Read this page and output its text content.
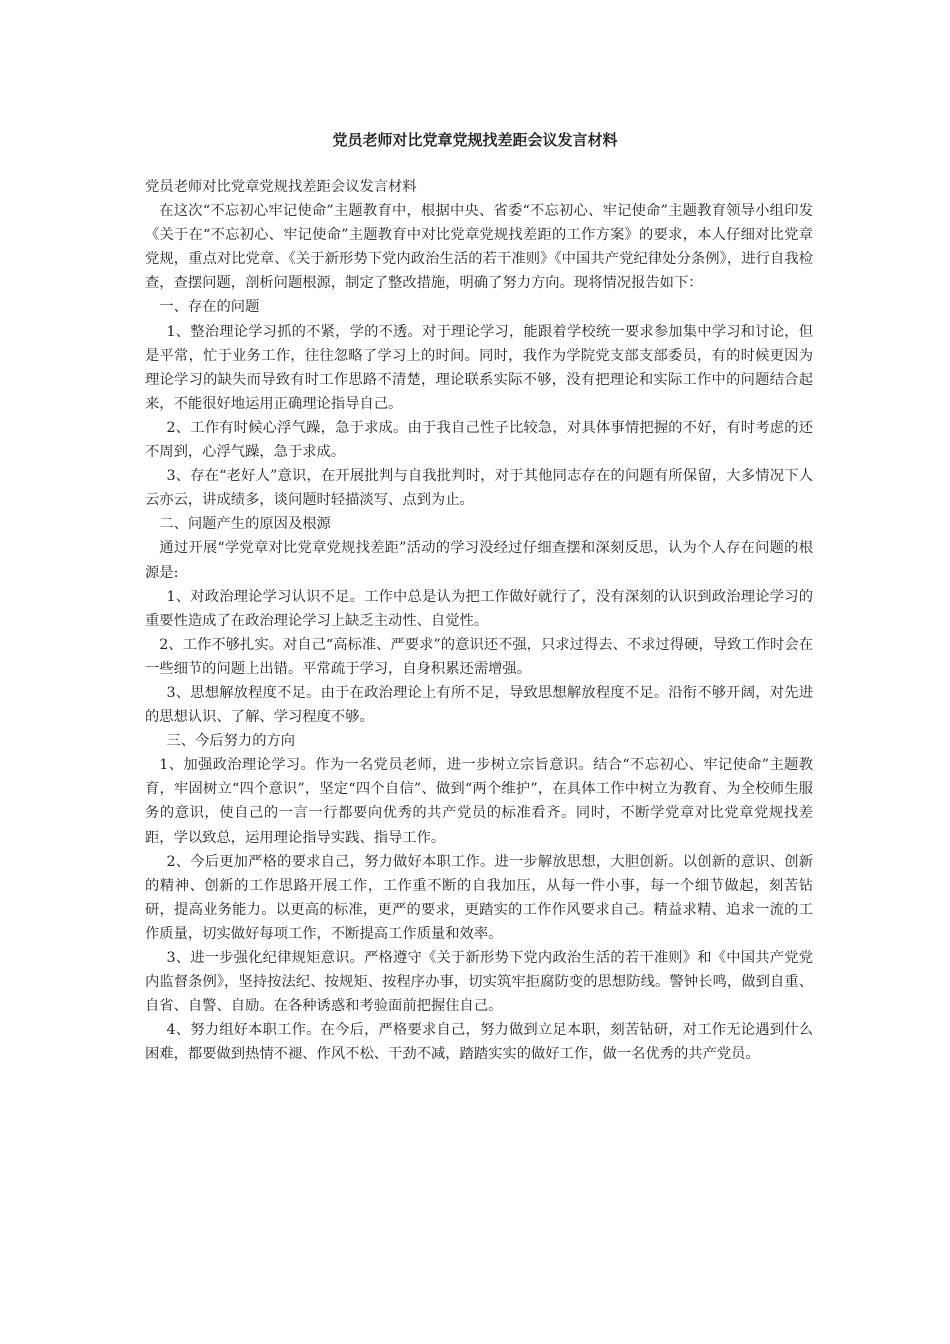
党员老师对比党章党规找差距会议发言材料

党员老师对比党章党规找差距会议发言材料

在这次“不忘初心牢记使命”主题教育中，根据中央、省委“不忘初心、牢记使命”主题教育领导小组印发《关于在“不忘初心、牢记使命”主题教育中对比党章党规找差距的工作方案》的要求，本人仔细对比党章党规，重点对比党章、《关于新形势下党内政治生活的若干准则》《中国共产党纪律处分条例》，进行自我检查，查摆问题，剖析问题根源，制定了整改措施，明确了努力方向。现将情况报告如下：

一、存在的问题

1、整治理论学习抓的不紧，学的不透。对于理论学习，能跟着学校统一要求参加集中学习和讨论，但是平常，忙于业务工作，往往忽略了学习上的时间。同时，我作为学院党支部支部委员，有的时候更因为理论学习的缺失而导致有时工作思路不清楚，理论联系实际不够，没有把理论和实际工作中的问题结合起来，不能很好地运用正确理论指导自己。

2、工作有时候心浮气躁，急于求成。由于我自己性子比较急，对具体事情把握的不好，有时考虑的还不周到，心浮气躁，急于求成。

3、存在“老好人”意识，在开展批判与自我批判时，对于其他同志存在的问题有所保留，大多情况下人云亦云，讲成绩多，谈问题时轻描淡写、点到为止。

二、问题产生的原因及根源

通过开展“学党章对比党章党规找差距”活动的学习没经过仔细查摆和深刻反思，认为个人存在问题的根源是:

1、对政治理论学习认识不足。工作中总是认为把工作做好就行了，没有深刻的认识到政治理论学习的重要性造成了在政治理论学习上缺乏主动性、自觉性。

2、工作不够扎实。对自己“高标准、严要求”的意识还不强，只求过得去、不求过得硬，导致工作时会在一些细节的问题上出错。平常疏于学习，自身积累还需增强。

3、思想解放程度不足。由于在政治理论上有所不足，导致思想解放程度不足。沿衔不够开阔，对先进的思想认识、了解、学习程度不够。

三、今后努力的方向

1、加强政治理论学习。作为一名党员老师，进一步树立宗旨意识。结合“不忘初心、牢记使命”主题教育，牢固树立“四个意识”，坚定“四个自信”、做到“两个维护”，在具体工作中树立为教育、为全校师生服务的意识，使自己的一言一行都要向优秀的共产党员的标准看齐。同时，不断学党章对比党章党规找差距，学以致总，运用理论指导实践、指导工作。

2、今后更加严格的要求自己，努力做好本职工作。进一步解放思想，大胆创新。以创新的意识、创新的精神、创新的工作思路开展工作，工作重不断的自我加压，从每一件小事，每一个细节做起，刻苦钻研，提高业务能力。以更高的标准，更严的要求，更踏实的工作作风要求自己。精益求精、追求一流的工作质量，切实做好每项工作，不断提高工作质量和效率。

3、进一步强化纪律规矩意识。严格遵守《关于新形势下党内政治生活的若干准则》和《中国共产党党内监督条例》，坚持按法纪、按规矩、按程序办事，切实筑牢拒腐防变的思想防线。警钟长鸣，做到自重、自省、自警、自励。在各种诱惑和考验面前把握住自己。

4、努力组好本职工作。在今后，严格要求自己，努力做到立足本职，刻苦钻研，对工作无论遇到什么困难，都要做到热情不褪、作风不松、干劲不减，踏踏实实的做好工作，做一名优秀的共产党员。
